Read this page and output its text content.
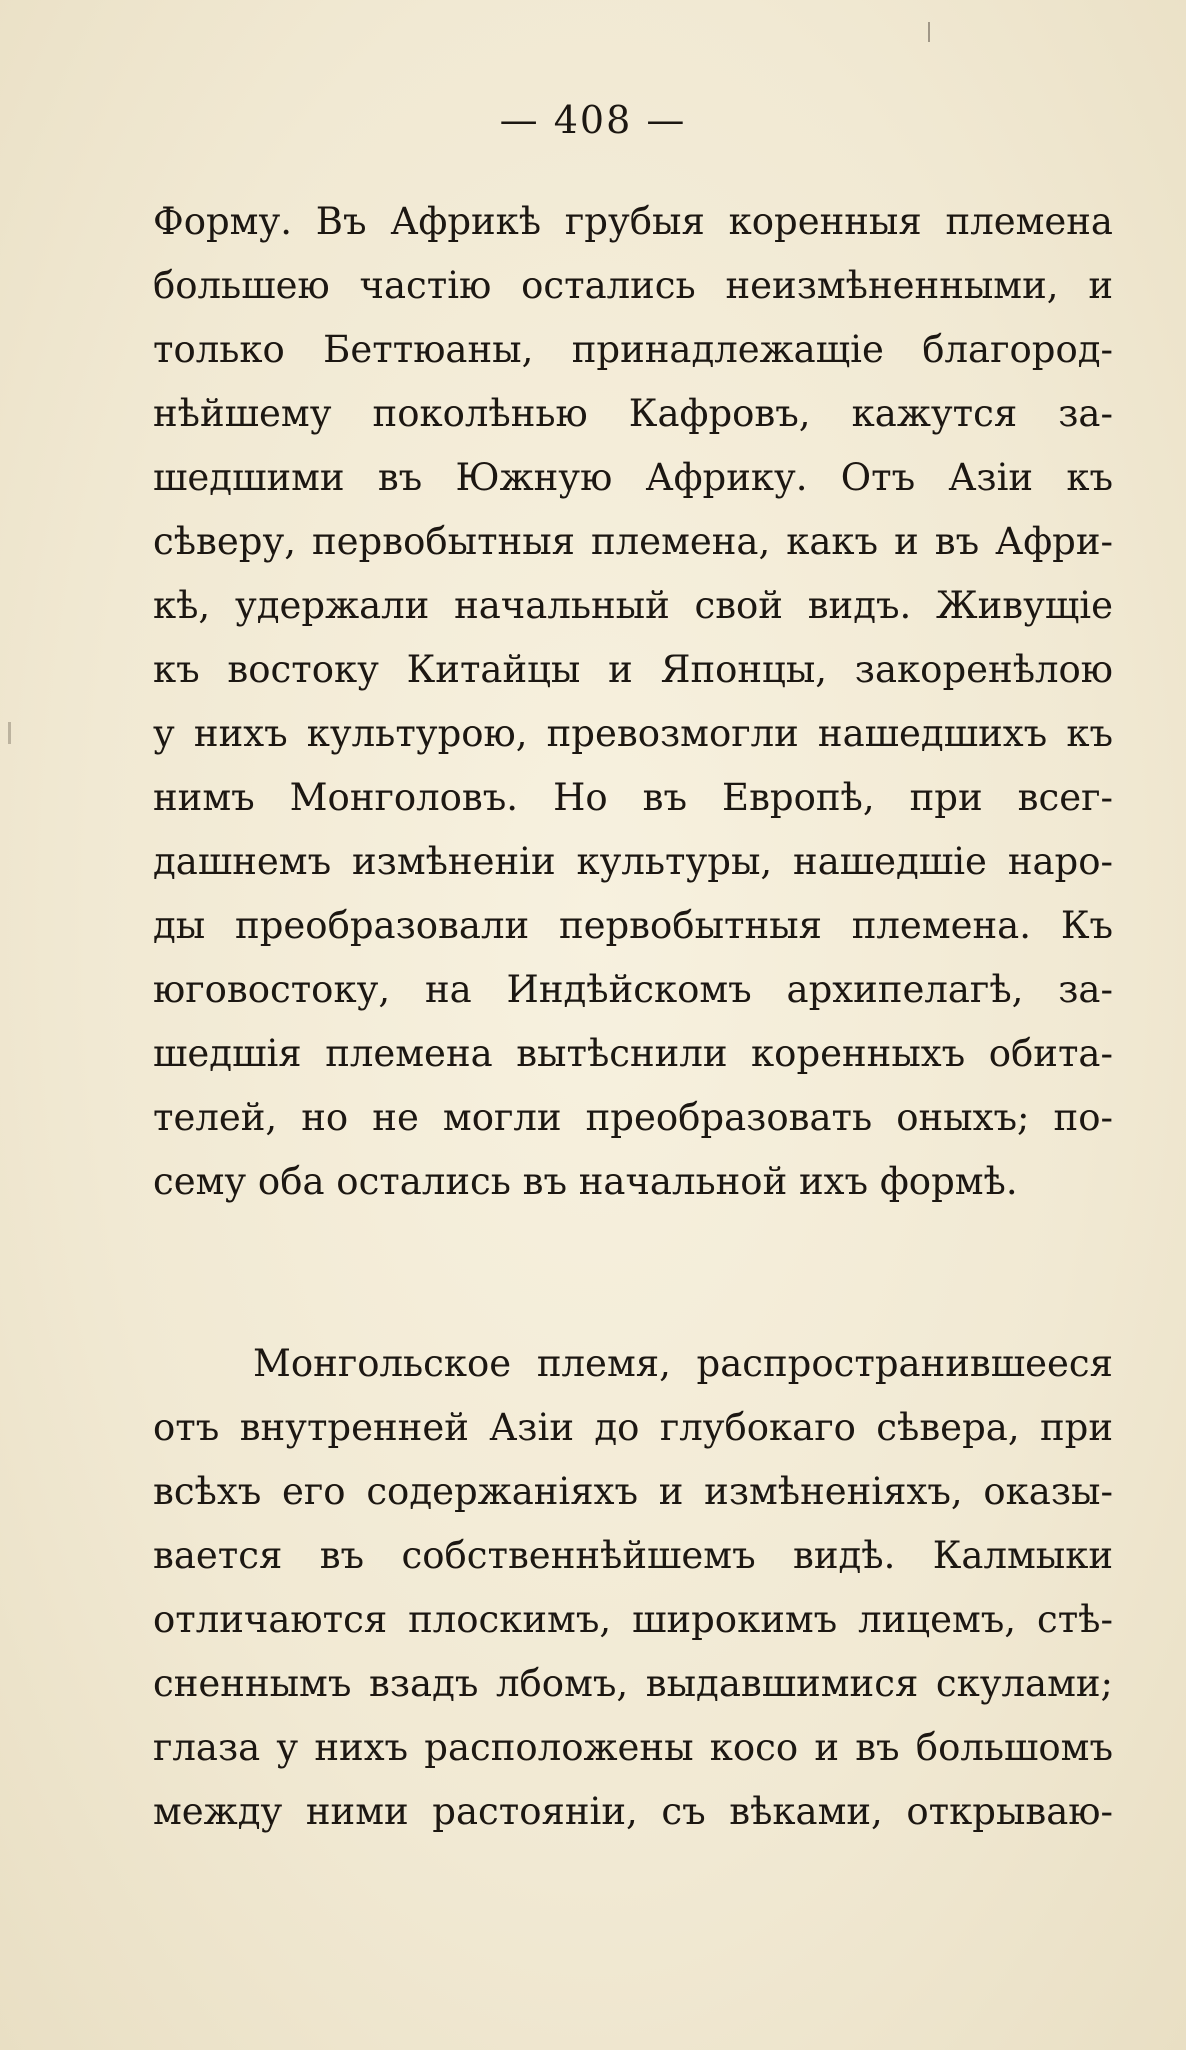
— 408 —
Форму. Въ Африкѣ грубыя коренныя племена
большею частію остались неизмѣненными, и
только Беттюаны, принадлежащіе благород-
нѣйшему поколѣнью Кафровъ, кажутся за-
шедшими въ Южную Африку. Отъ Азіи къ
сѣверу, первобытныя племена, какъ и въ Афри-
кѣ, удержали начальный свой видъ. Живущіе
къ востоку Китайцы и Японцы, закоренѣлою
у нихъ культурою, превозмогли нашедшихъ къ
нимъ Монголовъ. Но въ Европѣ, при всег-
дашнемъ измѣненіи культуры, нашедшіе наро-
ды преобразовали первобытныя племена. Къ
юговостоку, на Индѣйскомъ архипелагѣ, за-
шедшія племена вытѣснили коренныхъ обита-
телей, но не могли преобразовать оныхъ; по-
сему оба остались въ начальной ихъ формѣ.
Монгольское племя, распространившееся
отъ внутренней Азіи до глубокаго сѣвера, при
всѣхъ его содержаніяхъ и измѣненіяхъ, оказы-
вается въ собственнѣйшемъ видѣ. Калмыки
отличаются плоскимъ, широкимъ лицемъ, стѣ-
сненнымъ взадъ лбомъ, выдавшимися скулами;
глаза у нихъ расположены косо и въ большомъ
между ними растояніи, съ вѣками, открываю-
